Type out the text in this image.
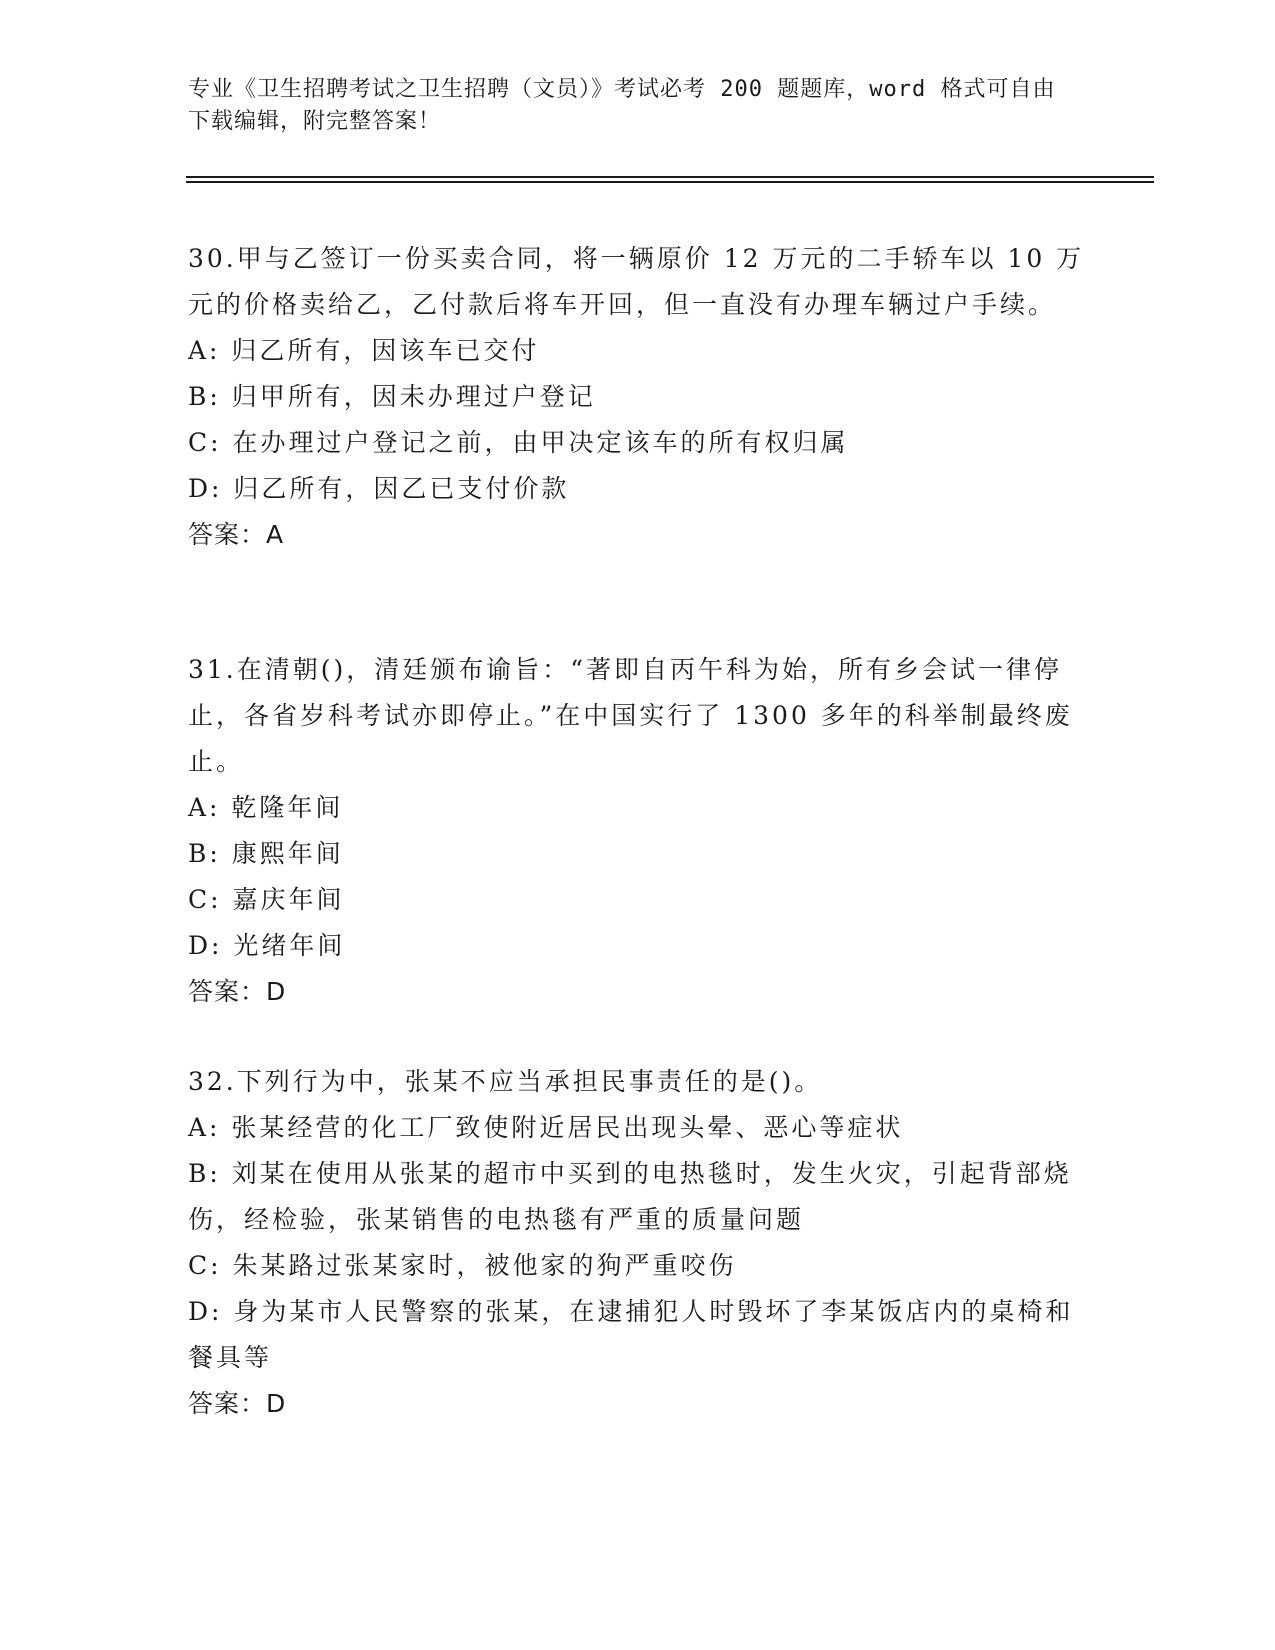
专业《卫生招聘考试之卫生招聘（文员）》考试必考 200 题题库，word 格式可自由下载编辑，附完整答案！

30.甲与乙签订一份买卖合同，将一辆原价 12 万元的二手轿车以 10 万元的价格卖给乙，乙付款后将车开回，但一直没有办理车辆过户手续。

A: 归乙所有，因该车已交付

B: 归甲所有，因未办理过户登记

C: 在办理过户登记之前，由甲决定该车的所有权归属

D: 归乙所有，因乙已支付价款

答案：A

31.在清朝()，清廷颁布谕旨：“著即自丙午科为始，所有乡会试一律停止，各省岁科考试亦即停止。”在中国实行了 1300 多年的科举制最终废止。

A: 乾隆年间

B: 康熙年间

C: 嘉庆年间

D: 光绪年间

答案：D

32.下列行为中，张某不应当承担民事责任的是()。

A: 张某经营的化工厂致使附近居民出现头晕、恶心等症状

B: 刘某在使用从张某的超市中买到的电热毯时，发生火灾，引起背部烧伤，经检验，张某销售的电热毯有严重的质量问题

C: 朱某路过张某家时，被他家的狗严重咬伤

D: 身为某市人民警察的张某，在逮捕犯人时毁坏了李某饭店内的桌椅和餐具等

答案：D
